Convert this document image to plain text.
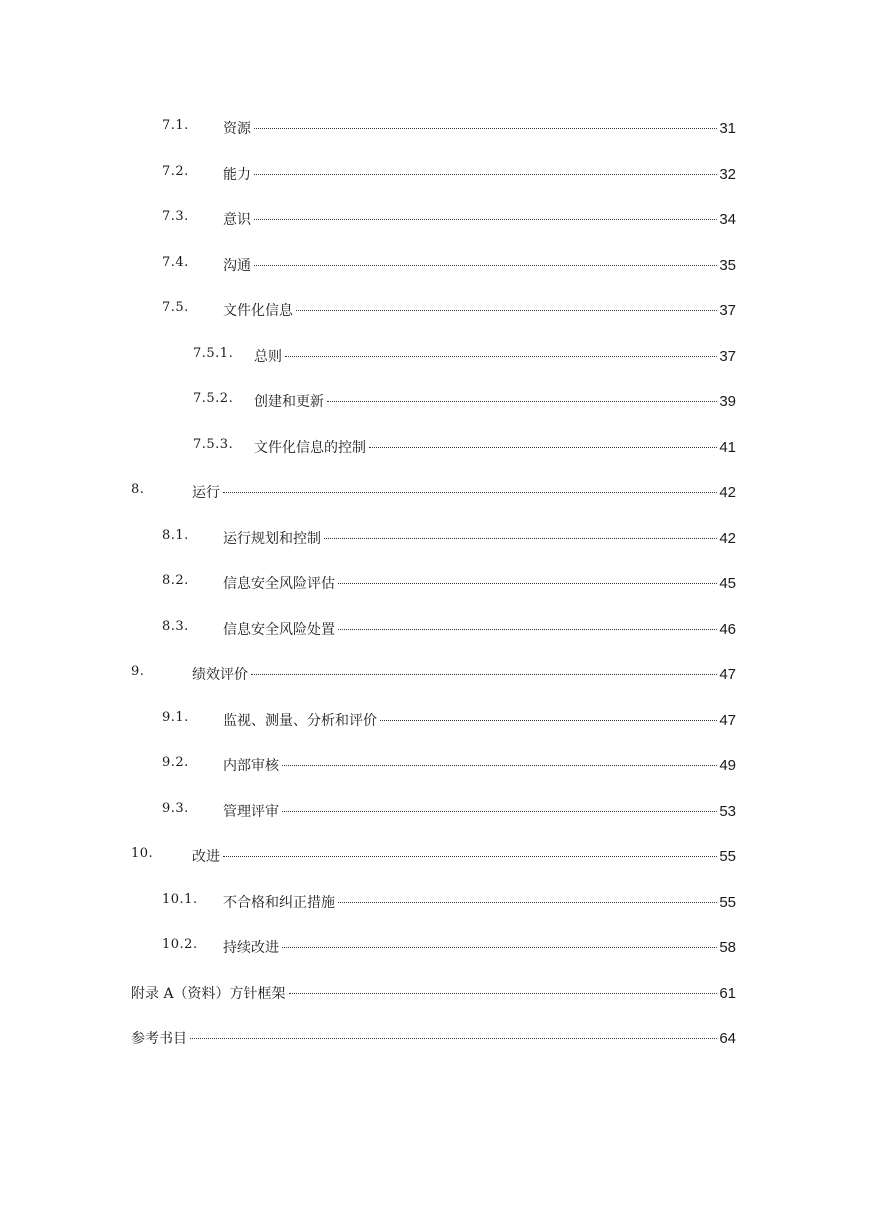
7.1. 资源	31
7.2. 能力	32
7.3. 意识	34
7.4. 沟通	35
7.5. 文件化信息	37
7.5.1. 总则	37
7.5.2. 创建和更新	39
7.5.3. 文件化信息的控制	41
8.	运行	42
8.1. 运行规划和控制	42
8.2. 信息安全风险评估	45
8.3. 信息安全风险处置	46
9.	绩效评价	47
9.1. 监视、测量、分析和评价	47
9.2. 内部审核	49
9.3. 管理评审	53
10.	改进	55
10.1. 不合格和纠正措施	55
10.2. 持续改进	58
附录 A（资料）方针框架	61
参考书目	64
